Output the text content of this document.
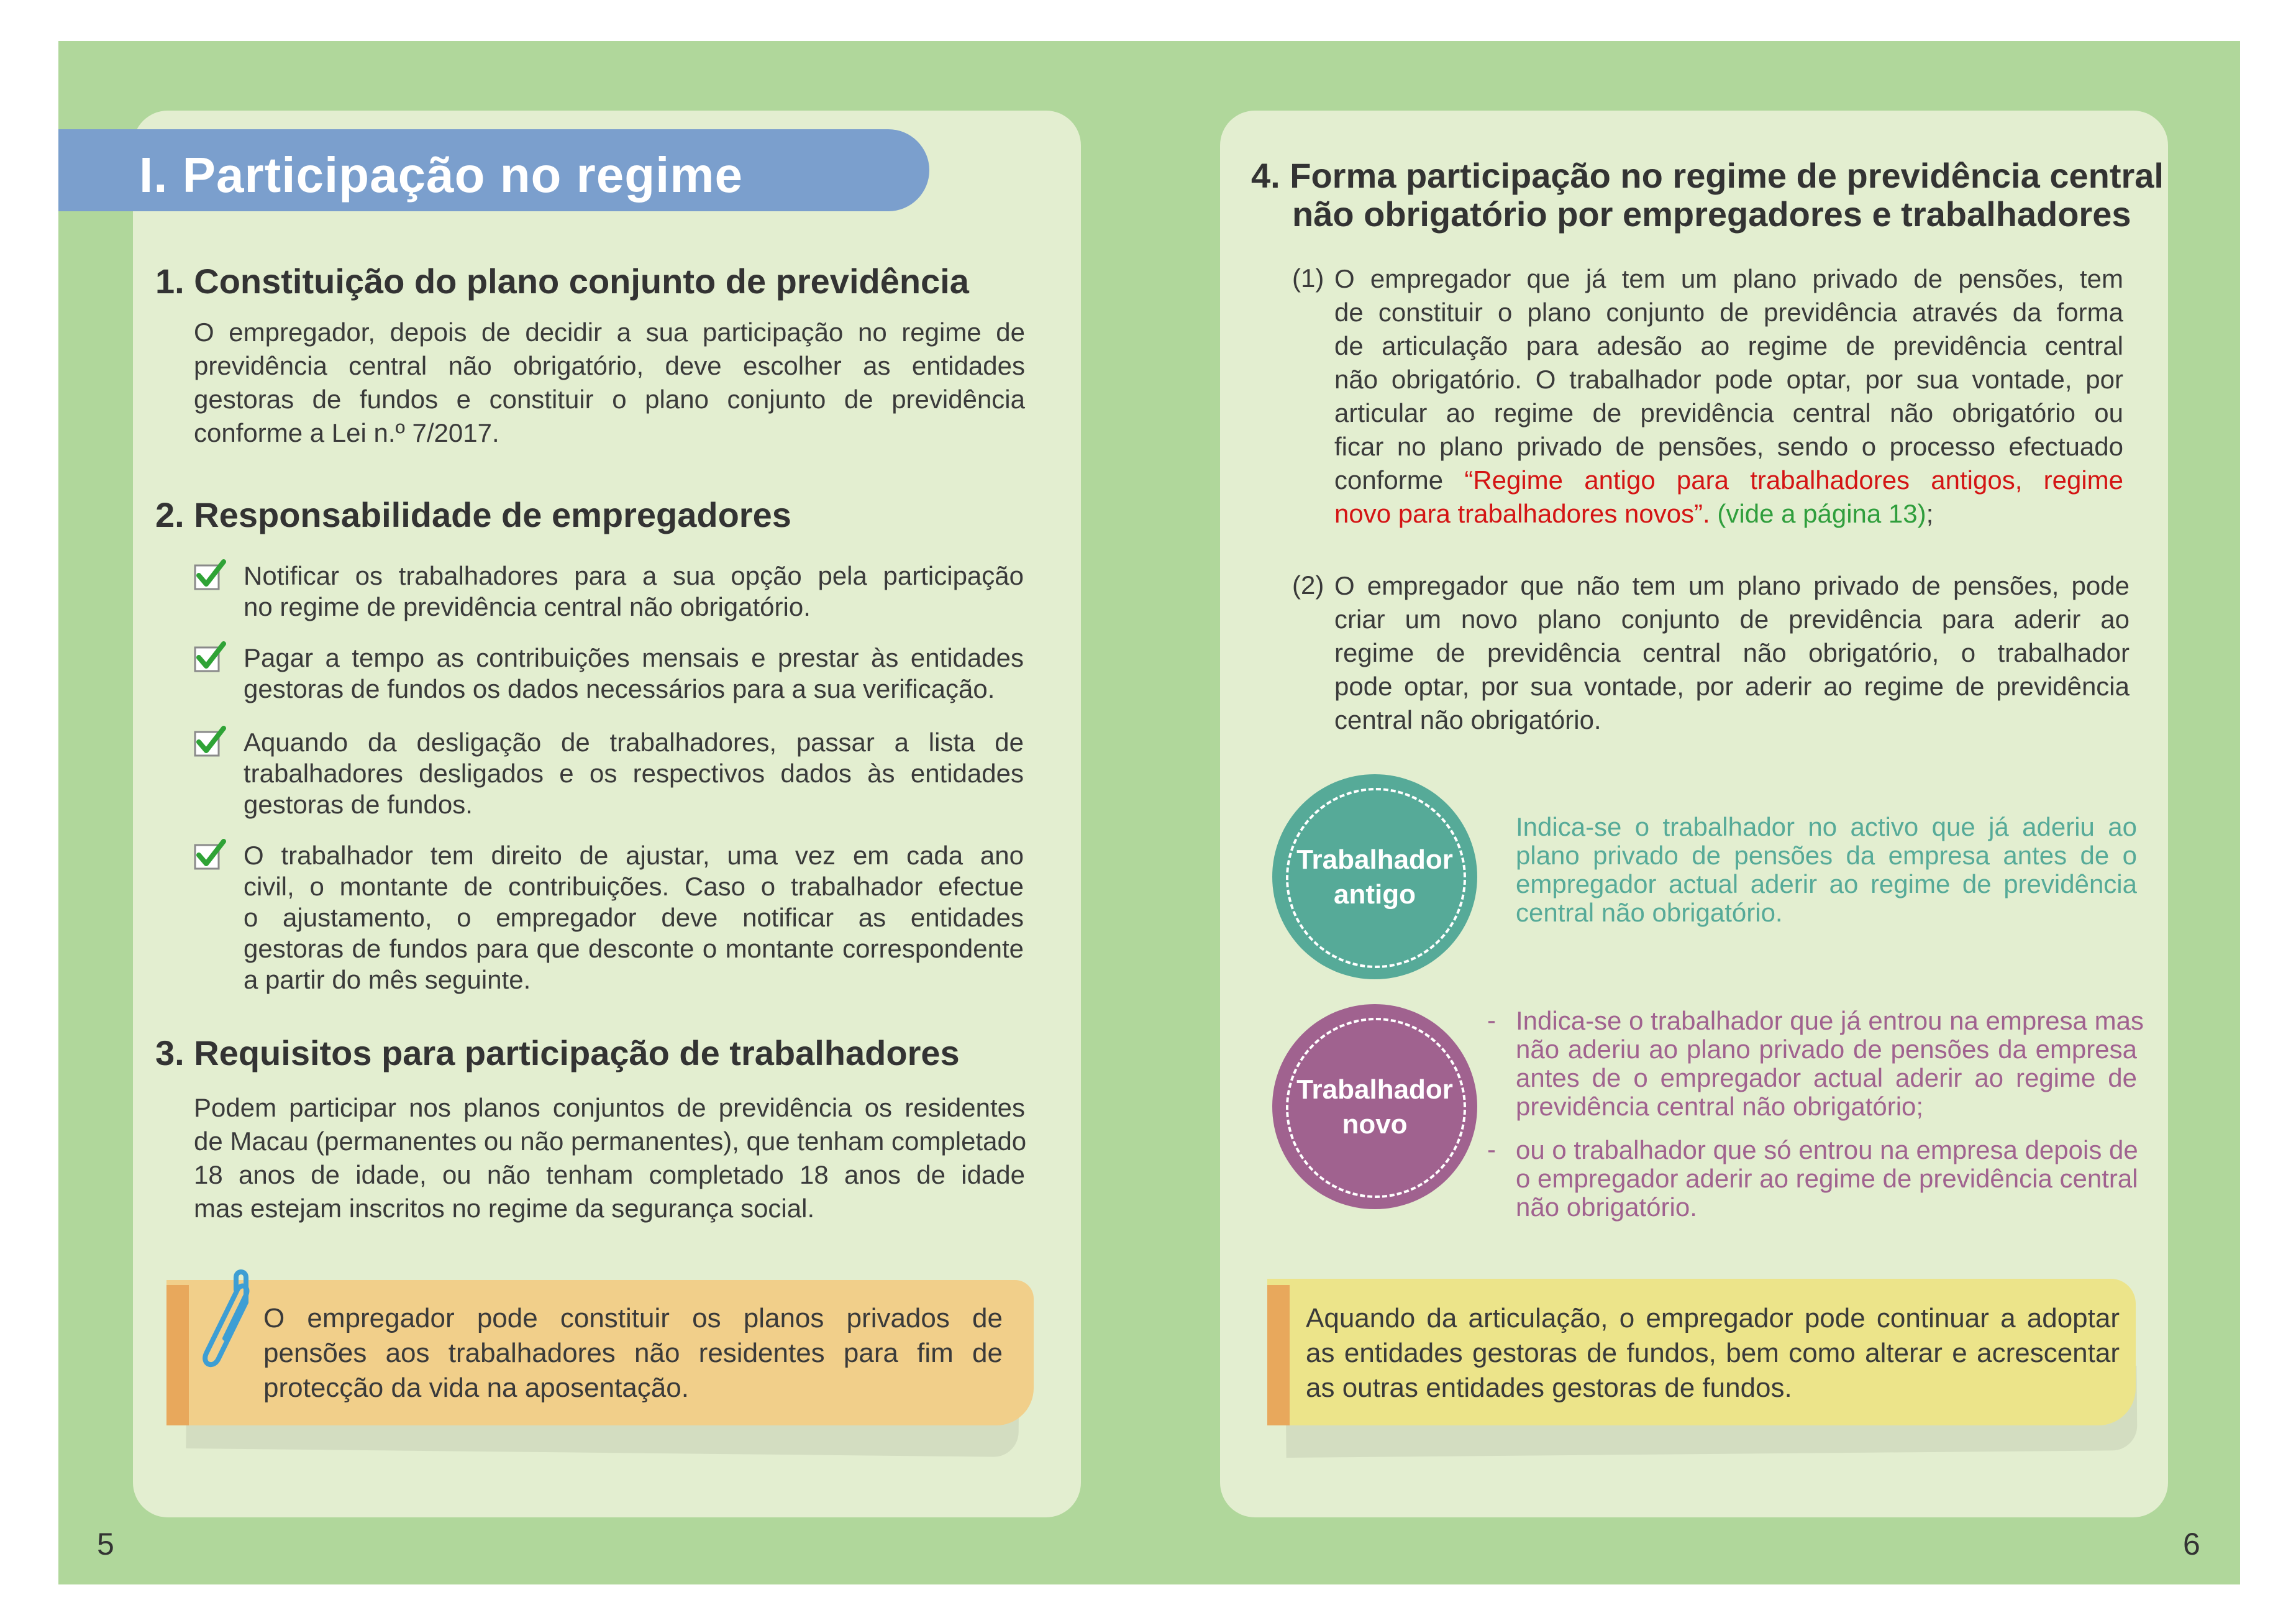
I. Participação no regime
1. Constituição do plano conjunto de previdência
O empregador, depois de decidir a sua participação no regime de
previdência central não obrigatório, deve escolher as entidades
gestoras de fundos e constituir o plano conjunto de previdência
conforme a Lei n.º 7/2017.
2. Responsabilidade de empregadores
Notificar os trabalhadores para a sua opção pela participação
no regime de previdência central não obrigatório.
Pagar a tempo as contribuições mensais e prestar às entidades
gestoras de fundos os dados necessários para a sua verificação.
Aquando da desligação de trabalhadores, passar a lista de
trabalhadores desligados e os respectivos dados às entidades
gestoras de fundos.
O trabalhador tem direito de ajustar, uma vez em cada ano
civil, o montante de contribuições. Caso o trabalhador efectue
o ajustamento, o empregador deve notificar as entidades
gestoras de fundos para que desconte o montante correspondente
a partir do mês seguinte.
3. Requisitos para participação de trabalhadores
Podem participar nos planos conjuntos de previdência os residentes
de Macau (permanentes ou não permanentes), que tenham completado
18 anos de idade, ou não tenham completado 18 anos de idade
mas estejam inscritos no regime da segurança social.
O empregador pode constituir os planos privados de
pensões aos trabalhadores não residentes para fim de
protecção da vida na aposentação.
5
4. Forma participação no regime de previdência central
não obrigatório por empregadores e trabalhadores
(1) O empregador que já tem um plano privado de pensões, tem
de constituir o plano conjunto de previdência através da forma
de articulação para adesão ao regime de previdência central
não obrigatório. O trabalhador pode optar, por sua vontade, por
articular ao regime de previdência central não obrigatório ou
ficar no plano privado de pensões, sendo o processo efectuado
conforme “Regime antigo para trabalhadores antigos, regime
novo para trabalhadores novos”. (vide a página 13);
(2) O empregador que não tem um plano privado de pensões, pode
criar um novo plano conjunto de previdência para aderir ao
regime de previdência central não obrigatório, o trabalhador
pode optar, por sua vontade, por aderir ao regime de previdência
central não obrigatório.
Trabalhador
antigo
Indica-se o trabalhador no activo que já aderiu ao
plano privado de pensões da empresa antes de o
empregador actual aderir ao regime de previdência
central não obrigatório.
Trabalhador
novo
- Indica-se o trabalhador que já entrou na empresa mas
não aderiu ao plano privado de pensões da empresa
antes de o empregador actual aderir ao regime de
previdência central não obrigatório;
- ou o trabalhador que só entrou na empresa depois de
o empregador aderir ao regime de previdência central
não obrigatório.
Aquando da articulação, o empregador pode continuar a adoptar
as entidades gestoras de fundos, bem como alterar e acrescentar
as outras entidades gestoras de fundos.
6
